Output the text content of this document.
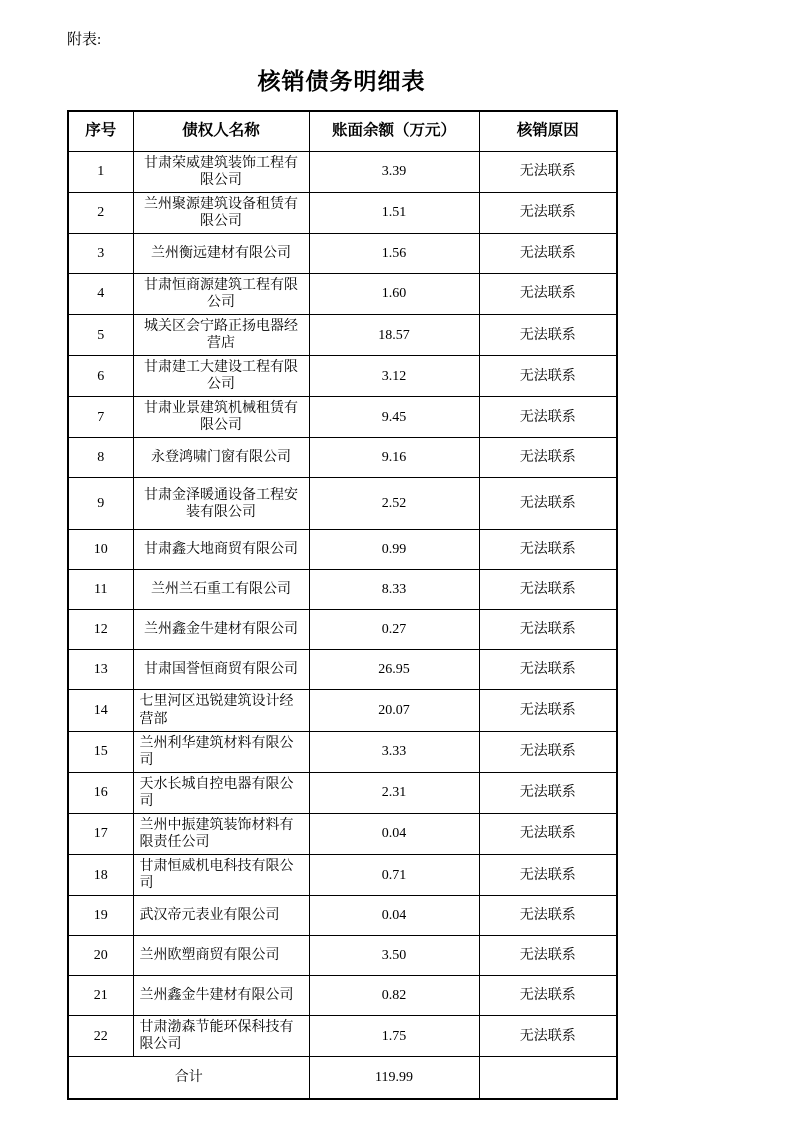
附表:
核销债务明细表
序号	债权人名称	账面余额（万元）	核销原因
1	甘肃荣威建筑装饰工程有限公司	3.39	无法联系
2	兰州聚源建筑设备租赁有限公司	1.51	无法联系
3	兰州衡远建材有限公司	1.56	无法联系
4	甘肃恒商源建筑工程有限公司	1.60	无法联系
5	城关区会宁路正扬电器经营店	18.57	无法联系
6	甘肃建工大建设工程有限公司	3.12	无法联系
7	甘肃业景建筑机械租赁有限公司	9.45	无法联系
8	永登鸿啸门窗有限公司	9.16	无法联系
9	甘肃金泽暖通设备工程安装有限公司	2.52	无法联系
10	甘肃鑫大地商贸有限公司	0.99	无法联系
11	兰州兰石重工有限公司	8.33	无法联系
12	兰州鑫金牛建材有限公司	0.27	无法联系
13	甘肃国誉恒商贸有限公司	26.95	无法联系
14	七里河区迅锐建筑设计经营部	20.07	无法联系
15	兰州利华建筑材料有限公司	3.33	无法联系
16	天水长城自控电器有限公司	2.31	无法联系
17	兰州中振建筑装饰材料有限责任公司	0.04	无法联系
18	甘肃恒威机电科技有限公司	0.71	无法联系
19	武汉帝元表业有限公司	0.04	无法联系
20	兰州欧塑商贸有限公司	3.50	无法联系
21	兰州鑫金牛建材有限公司	0.82	无法联系
22	甘肃渤森节能环保科技有限公司	1.75	无法联系
合计		119.99	
